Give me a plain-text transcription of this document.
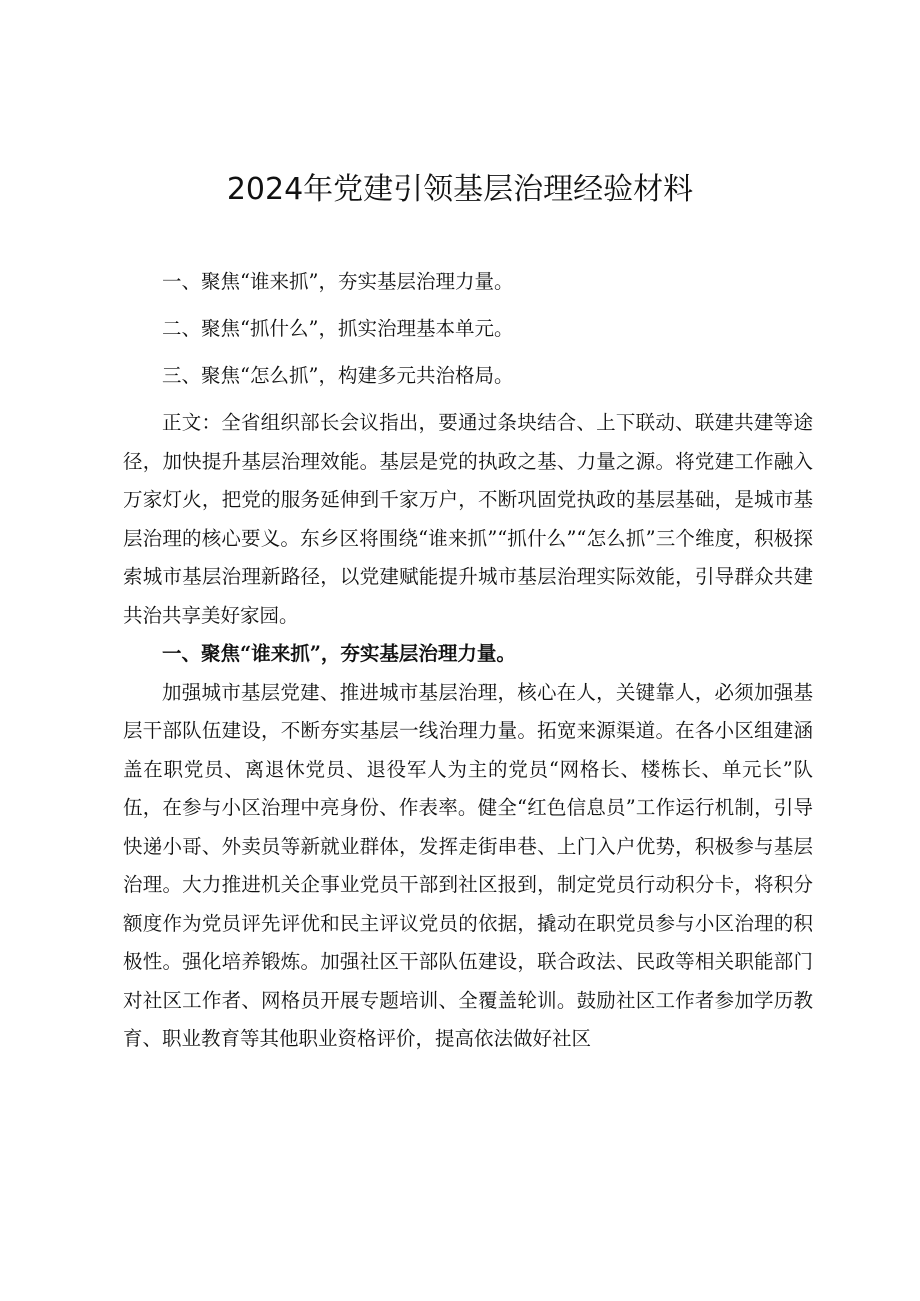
2024年党建引领基层治理经验材料

一、聚焦“谁来抓”，夯实基层治理力量。

二、聚焦“抓什么”，抓实治理基本单元。

三、聚焦“怎么抓”，构建多元共治格局。

正文：全省组织部长会议指出，要通过条块结合、上下联动、联建共建等途径，加快提升基层治理效能。基层是党的执政之基、力量之源。将党建工作融入万家灯火，把党的服务延伸到千家万户，不断巩固党执政的基层基础，是城市基层治理的核心要义。东乡区将围绕“谁来抓”“抓什么”“怎么抓”三个维度，积极探索城市基层治理新路径，以党建赋能提升城市基层治理实际效能，引导群众共建共治共享美好家园。

一、聚焦“谁来抓”，夯实基层治理力量。

加强城市基层党建、推进城市基层治理，核心在人，关键靠人，必须加强基层干部队伍建设，不断夯实基层一线治理力量。拓宽来源渠道。在各小区组建涵盖在职党员、离退休党员、退役军人为主的党员“网格长、楼栋长、单元长”队伍，在参与小区治理中亮身份、作表率。健全“红色信息员”工作运行机制，引导快递小哥、外卖员等新就业群体，发挥走街串巷、上门入户优势，积极参与基层治理。大力推进机关企事业党员干部到社区报到，制定党员行动积分卡，将积分额度作为党员评先评优和民主评议党员的依据，撬动在职党员参与小区治理的积极性。强化培养锻炼。加强社区干部队伍建设，联合政法、民政等相关职能部门对社区工作者、网格员开展专题培训、全覆盖轮训。鼓励社区工作者参加学历教育、职业教育等其他职业资格评价，提高依法做好社区
